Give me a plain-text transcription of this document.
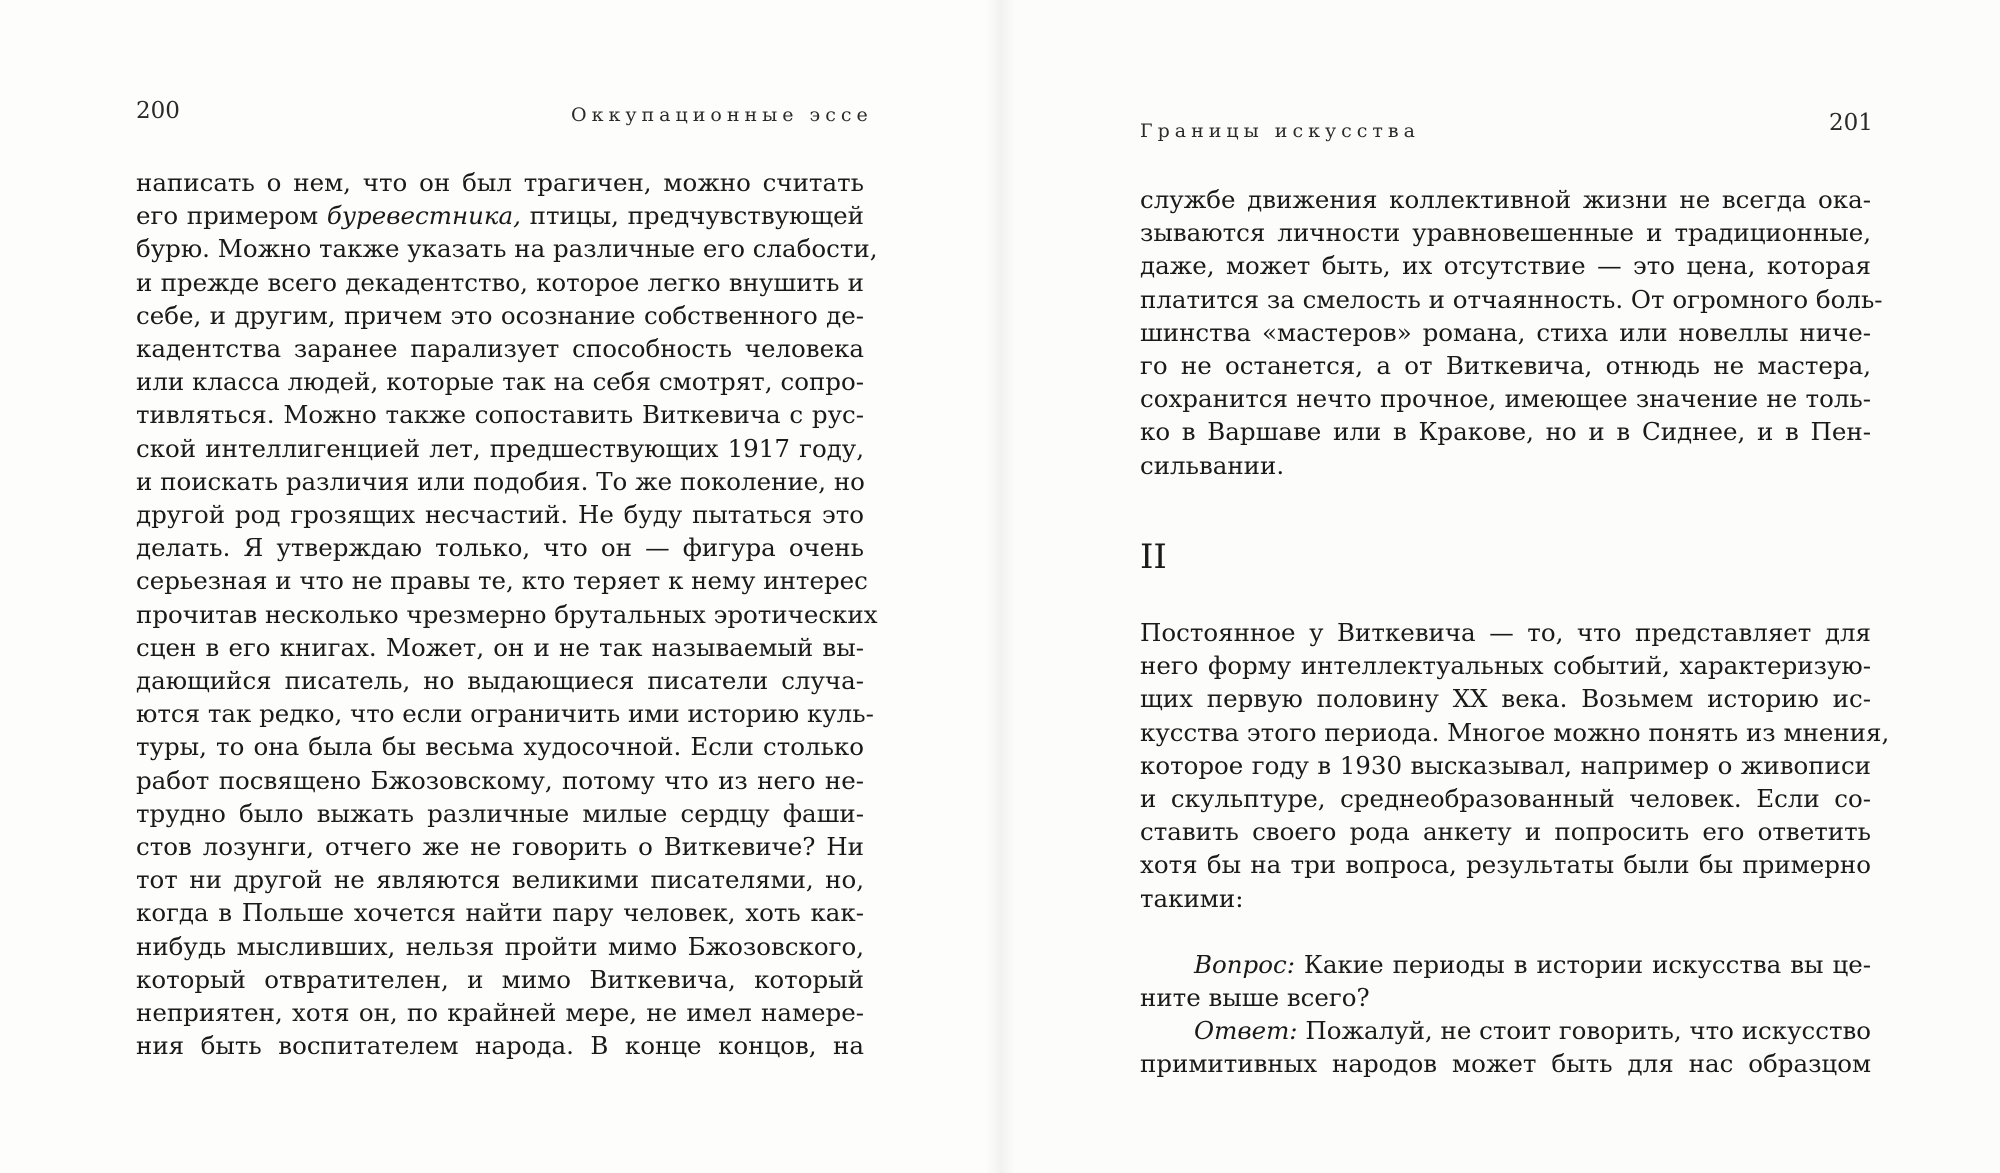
200	Оккупационные эссе
написать о нем, что он был трагичен, можно считать
его примером буревестника, птицы, предчувствующей
бурю. Можно также указать на различные его слабости,
и прежде всего декадентство, которое легко внушить и
себе, и другим, причем это осознание собственного де-
кадентства заранее парализует способность человека
или класса людей, которые так на себя смотрят, сопро-
тивляться. Можно также сопоставить Виткевича с рус-
ской интеллигенцией лет, предшествующих 1917 году,
и поискать различия или подобия. То же поколение, но
другой род грозящих несчастий. Не буду пытаться это
делать. Я утверждаю только, что он — фигура очень
серьезная и что не правы те, кто теряет к нему интерес
прочитав несколько чрезмерно брутальных эротических
сцен в его книгах. Может, он и не так называемый вы-
дающийся писатель, но выдающиеся писатели случа-
ются так редко, что если ограничить ими историю куль-
туры, то она была бы весьма худосочной. Если столько
работ посвящено Бжозовскому, потому что из него не-
трудно было выжать различные милые сердцу фаши-
стов лозунги, отчего же не говорить о Виткевиче? Ни
тот ни другой не являются великими писателями, но,
когда в Польше хочется найти пару человек, хоть как-
нибудь мысливших, нельзя пройти мимо Бжозовского,
который отвратителен, и мимо Виткевича, который
неприятен, хотя он, по крайней мере, не имел намере-
ния быть воспитателем народа. В конце концов, на
Границы искусства	201
службе движения коллективной жизни не всегда ока-
зываются личности уравновешенные и традиционные,
даже, может быть, их отсутствие — это цена, которая
платится за смелость и отчаянность. От огромного боль-
шинства «мастеров» романа, стиха или новеллы ниче-
го не останется, а от Виткевича, отнюдь не мастера,
сохранится нечто прочное, имеющее значение не толь-
ко в Варшаве или в Кракове, но и в Сиднее, и в Пен-
сильвании.
II
Постоянное у Виткевича — то, что представляет для
него форму интеллектуальных событий, характеризую-
щих первую половину XX века. Возьмем историю ис-
кусства этого периода. Многое можно понять из мнения,
которое году в 1930 высказывал, например о живописи
и скульптуре, среднеобразованный человек. Если со-
ставить своего рода анкету и попросить его ответить
хотя бы на три вопроса, результаты были бы примерно
такими:
Вопрос: Какие периоды в истории искусства вы це-
ните выше всего?
Ответ: Пожалуй, не стоит говорить, что искусство
примитивных народов может быть для нас образцом
